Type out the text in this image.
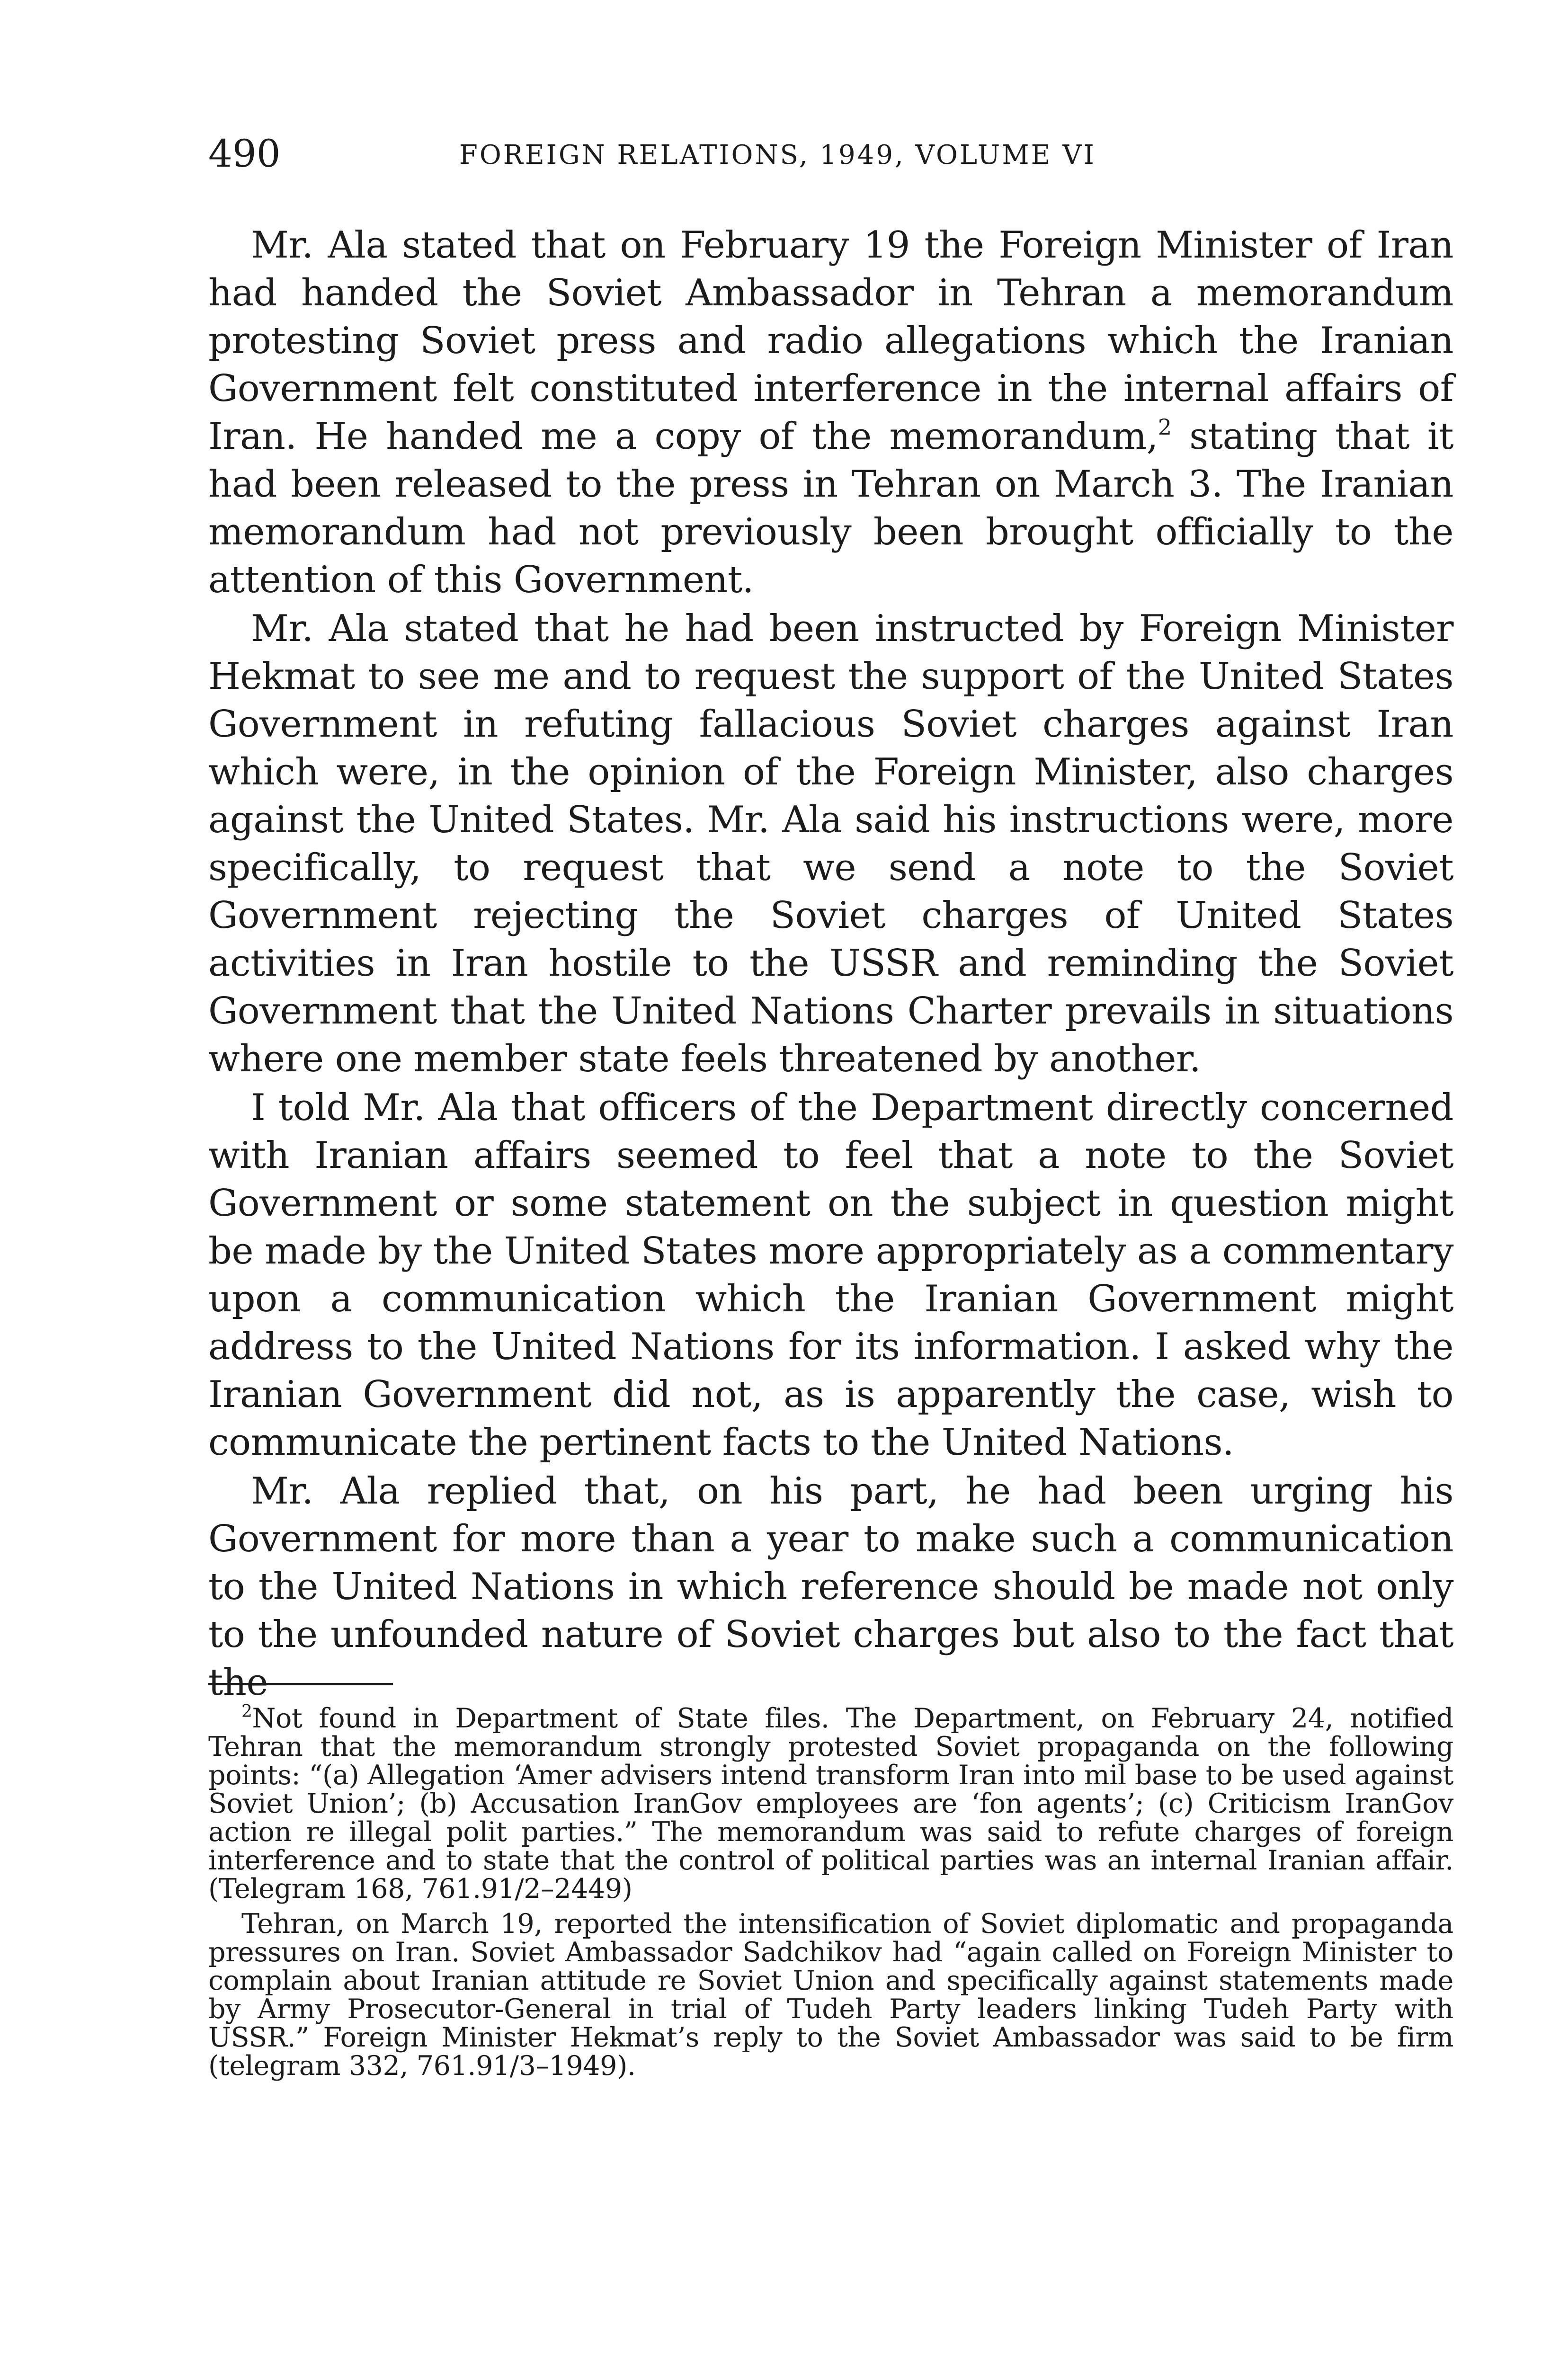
490	FOREIGN RELATIONS, 1949, VOLUME VI

Mr. Ala stated that on February 19 the Foreign Minister of Iran had handed the Soviet Ambassador in Tehran a memorandum protesting Soviet press and radio allegations which the Iranian Government felt constituted interference in the internal affairs of Iran. He handed me a copy of the memorandum,$^2$ stating that it had been released to the press in Tehran on March 3. The Iranian memorandum had not previously been brought officially to the attention of this Government.

Mr. Ala stated that he had been instructed by Foreign Minister Hekmat to see me and to request the support of the United States Government in refuting fallacious Soviet charges against Iran which were, in the opinion of the Foreign Minister, also charges against the United States. Mr. Ala said his instructions were, more specifically, to request that we send a note to the Soviet Government rejecting the Soviet charges of United States activities in Iran hostile to the USSR and reminding the Soviet Government that the United Nations Charter prevails in situations where one member state feels threatened by another.

I told Mr. Ala that officers of the Department directly concerned with Iranian affairs seemed to feel that a note to the Soviet Government or some statement on the subject in question might be made by the United States more appropriately as a commentary upon a communication which the Iranian Government might address to the United Nations for its information. I asked why the Iranian Government did not, as is apparently the case, wish to communicate the pertinent facts to the United Nations.

Mr. Ala replied that, on his part, he had been urging his Government for more than a year to make such a communication to the United Nations in which reference should be made not only to the unfounded nature of Soviet charges but also to the fact that the

$^2$Not found in Department of State files. The Department, on February 24, notified Tehran that the memorandum strongly protested Soviet propaganda on the following points: “(a) Allegation ‘Amer advisers intend transform Iran into mil base to be used against Soviet Union’; (b) Accusation IranGov employees are ‘fon agents’; (c) Criticism IranGov action re illegal polit parties.” The memorandum was said to refute charges of foreign interference and to state that the control of political parties was an internal Iranian affair. (Telegram 168, 761.91/2–2449)

Tehran, on March 19, reported the intensification of Soviet diplomatic and propaganda pressures on Iran. Soviet Ambassador Sadchikov had “again called on Foreign Minister to complain about Iranian attitude re Soviet Union and specifically against statements made by Army Prosecutor-General in trial of Tudeh Party leaders linking Tudeh Party with USSR.” Foreign Minister Hekmat’s reply to the Soviet Ambassador was said to be firm (telegram 332, 761.91/3–1949).
